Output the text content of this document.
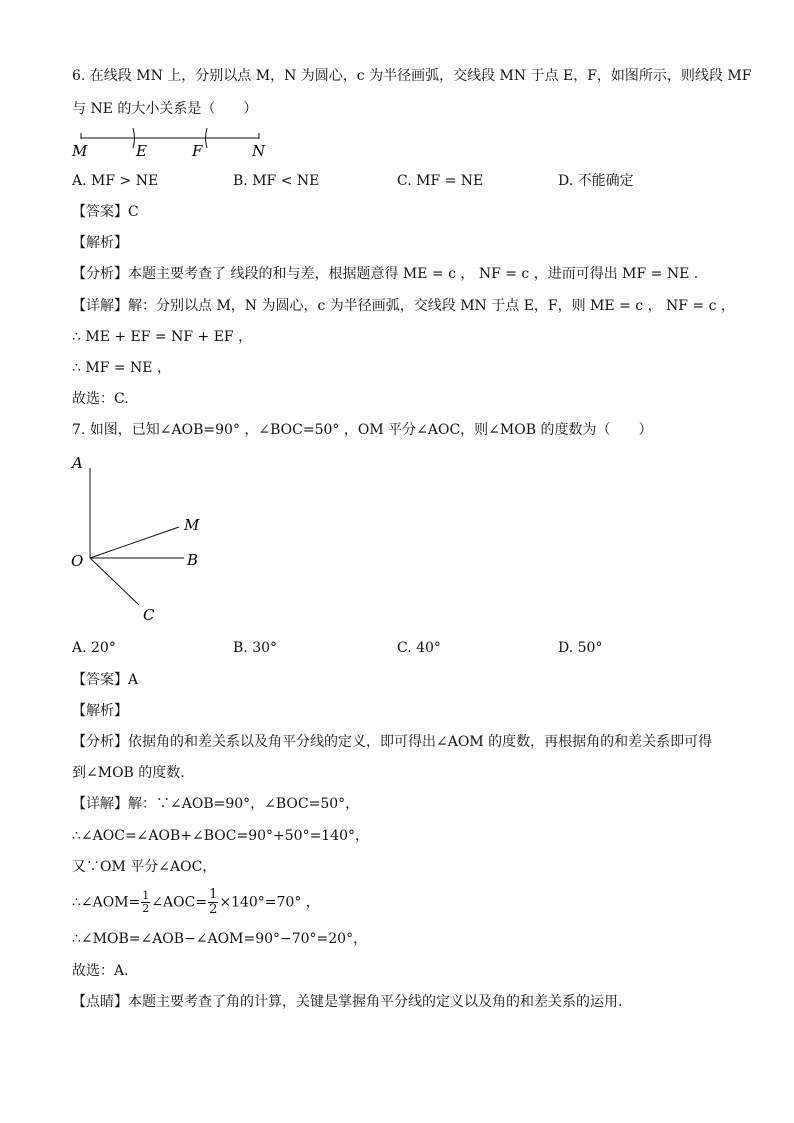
6. 在线段 MN 上，分别以点 M，N 为圆心，c 为半径画弧，交线段 MN 于点 E，F，如图所示，则线段 MF
与 NE 的大小关系是（　　）
M	E	F	N
A. MF > NE	B. MF < NE	C. MF = NE	D. 不能确定
【答案】C
【解析】
【分析】本题主要考查了 线段的和与差，根据题意得 ME = c ， NF = c ，进而可得出 MF = NE .
【详解】解：分别以点 M，N 为圆心，c 为半径画弧，交线段 MN 于点 E，F，则 ME = c ， NF = c ，
∴ ME + EF = NF + EF ，
∴ MF = NE ，
故选：C.
7. 如图，已知∠AOB=90° ，∠BOC=50° ，OM 平分∠AOC，则∠MOB 的度数为（　　）
A
M
O	B
C
A. 20°	B. 30°	C. 40°	D. 50°
【答案】A
【解析】
【分析】依据角的和差关系以及角平分线的定义，即可得出∠AOM 的度数，再根据角的和差关系即可得
到∠MOB 的度数.
【详解】解：∵∠AOB=90°，∠BOC=50°，
∴∠AOC=∠AOB+∠BOC=90°+50°=140°，
又∵OM 平分∠AOC，
∴∠AOM= $\frac{1}{2}$ ∠AOC= $\frac{1}{2} \times 140^\circ=70^\circ$ ，
∴∠MOB=∠AOB−∠AOM=90°−70°=20°，
故选：A.
【点睛】本题主要考查了角的计算，关键是掌握角平分线的定义以及角的和差关系的运用.
